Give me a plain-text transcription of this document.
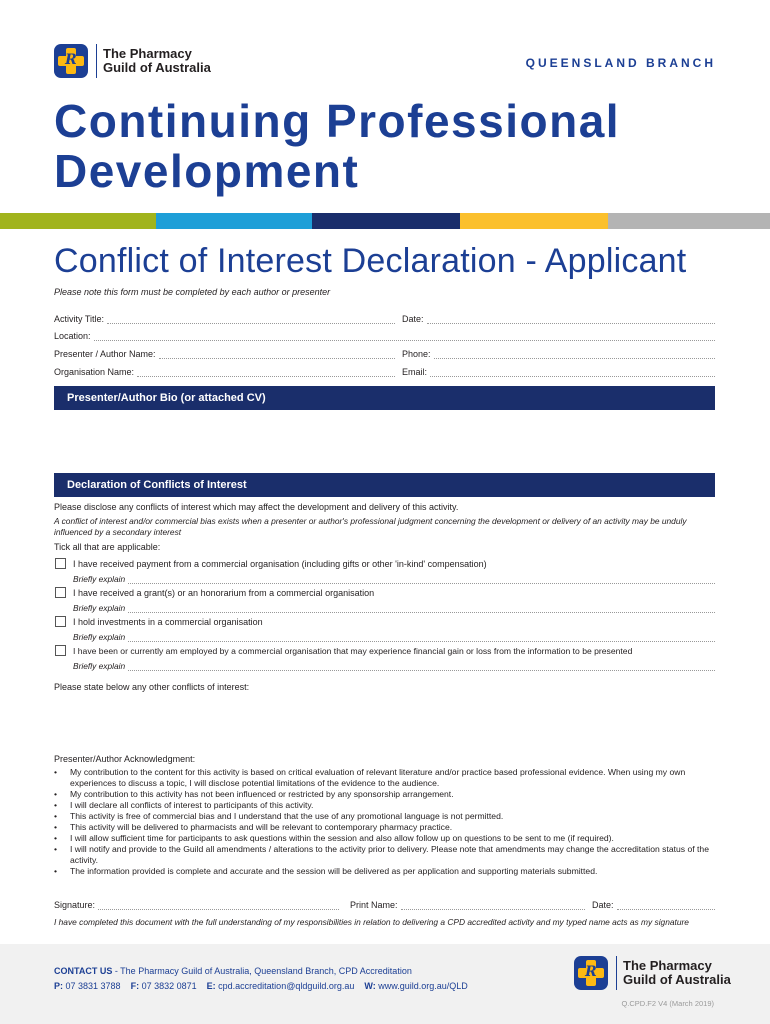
R	The Pharmacy
Guild of Australia	QUEENSLAND BRANCH
Continuing Professional
Development
Conflict of Interest Declaration - Applicant
Please note this form must be completed by each author or presenter
Activity Title:	Date:
Location:
Presenter / Author Name:	Phone:
Organisation Name:	Email:
Presenter/Author Bio (or attached CV)
Declaration of Conflicts of Interest
Please disclose any conflicts of interest which may affect the development and delivery of this activity.
A conflict of interest and/or commercial bias exists when a presenter or author's professional judgment concerning the development or delivery of an activity may be unduly influenced by a secondary interest
Tick all that are applicable:
I have received payment from a commercial organisation (including gifts or other 'in-kind' compensation)
Briefly explain
I have received a grant(s) or an honorarium from a commercial organisation
Briefly explain
I hold investments in a commercial organisation
Briefly explain
I have been or currently am employed by a commercial organisation that may experience financial gain or loss from the information to be presented
Briefly explain
Please state below any other conflicts of interest:
Presenter/Author Acknowledgment:
• My contribution to the content for this activity is based on critical evaluation of relevant literature and/or practice based professional evidence. When using my own experiences to discuss a topic, I will disclose potential limitations of the evidence to the audience.
• My contribution to this activity has not been influenced or restricted by any sponsorship arrangement.
• I will declare all conflicts of interest to participants of this activity.
• This activity is free of commercial bias and I understand that the use of any promotional language is not permitted.
• This activity will be delivered to pharmacists and will be relevant to contemporary pharmacy practice.
• I will allow sufficient time for participants to ask questions within the session and also allow follow up on questions to be sent to me (if required).
• I will notify and provide to the Guild all amendments / alterations to the activity prior to delivery. Please note that amendments may change the accreditation status of the activity.
• The information provided is complete and accurate and the session will be delivered as per application and supporting materials submitted.
Signature:	Print Name:	Date:
I have completed this document with the full understanding of my responsibilities in relation to delivering a CPD accredited activity and my typed name acts as my signature
CONTACT US - The Pharmacy Guild of Australia, Queensland Branch, CPD Accreditation
P: 07 3831 3788 F: 07 3832 0871 E: cpd.accreditation@qldguild.org.au W: www.guild.org.au/QLD
R	The Pharmacy
Guild of Australia
Q.CPD.F2 V4 (March 2019)
